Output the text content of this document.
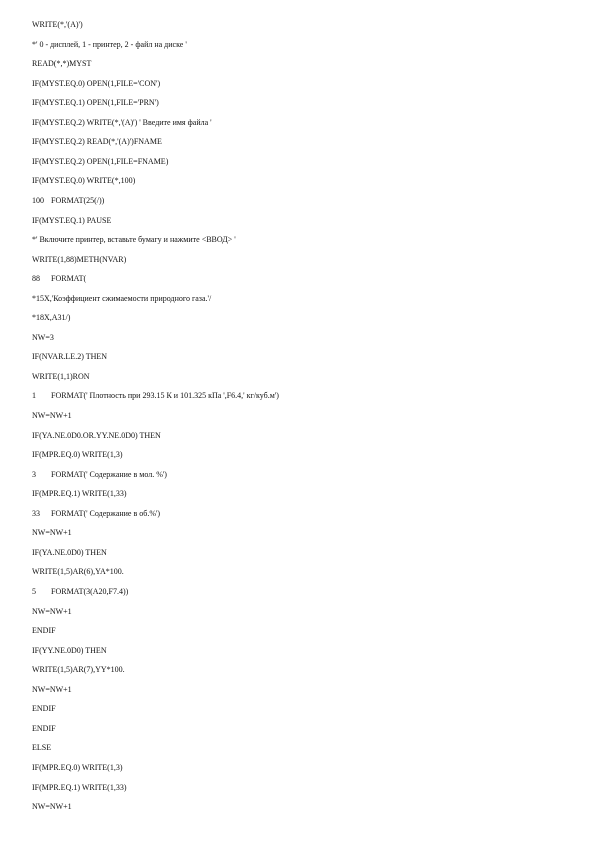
WRITE(*,'(A)')
*' 0 - дисплей, 1 - принтер, 2 - файл на диске '
READ(*,*)MYST
IF(MYST.EQ.0) OPEN(1,FILE='CON')
IF(MYST.EQ.1) OPEN(1,FILE='PRN')
IF(MYST.EQ.2) WRITE(*,'(A)') ' Введите имя файла '
IF(MYST.EQ.2) READ(*,'(A)')FNAME
IF(MYST.EQ.2) OPEN(1,FILE=FNAME)
IF(MYST.EQ.0) WRITE(*,100)
100 FORMAT(25(/))
IF(MYST.EQ.1) PAUSE
*' Включите принтер, вставьте бумагу и нажмите <ВВОД> '
WRITE(1,88)METH(NVAR)
88 FORMAT(
*15X,'Коэффициент сжимаемости природного газа.'/
*18X,A31/)
NW=3
IF(NVAR.LE.2) THEN
WRITE(1,1)RON
1 FORMAT(' Плотность при 293.15 К и 101.325 кПа ',F6.4,' кг/куб.м')
NW=NW+1
IF(YA.NE.0D0.OR.YY.NE.0D0) THEN
IF(MPR.EQ.0) WRITE(1,3)
3 FORMAT(' Содержание в мол. %')
IF(MPR.EQ.1) WRITE(1,33)
33 FORMAT(' Содержание в об.%')
NW=NW+1
IF(YA.NE.0D0) THEN
WRITE(1,5)AR(6),YA*100.
5 FORMAT(3(A20,F7.4))
NW=NW+1
ENDIF
IF(YY.NE.0D0) THEN
WRITE(1,5)AR(7),YY*100.
NW=NW+1
ENDIF
ENDIF
ELSE
IF(MPR.EQ.0) WRITE(1,3)
IF(MPR.EQ.1) WRITE(1,33)
NW=NW+1
